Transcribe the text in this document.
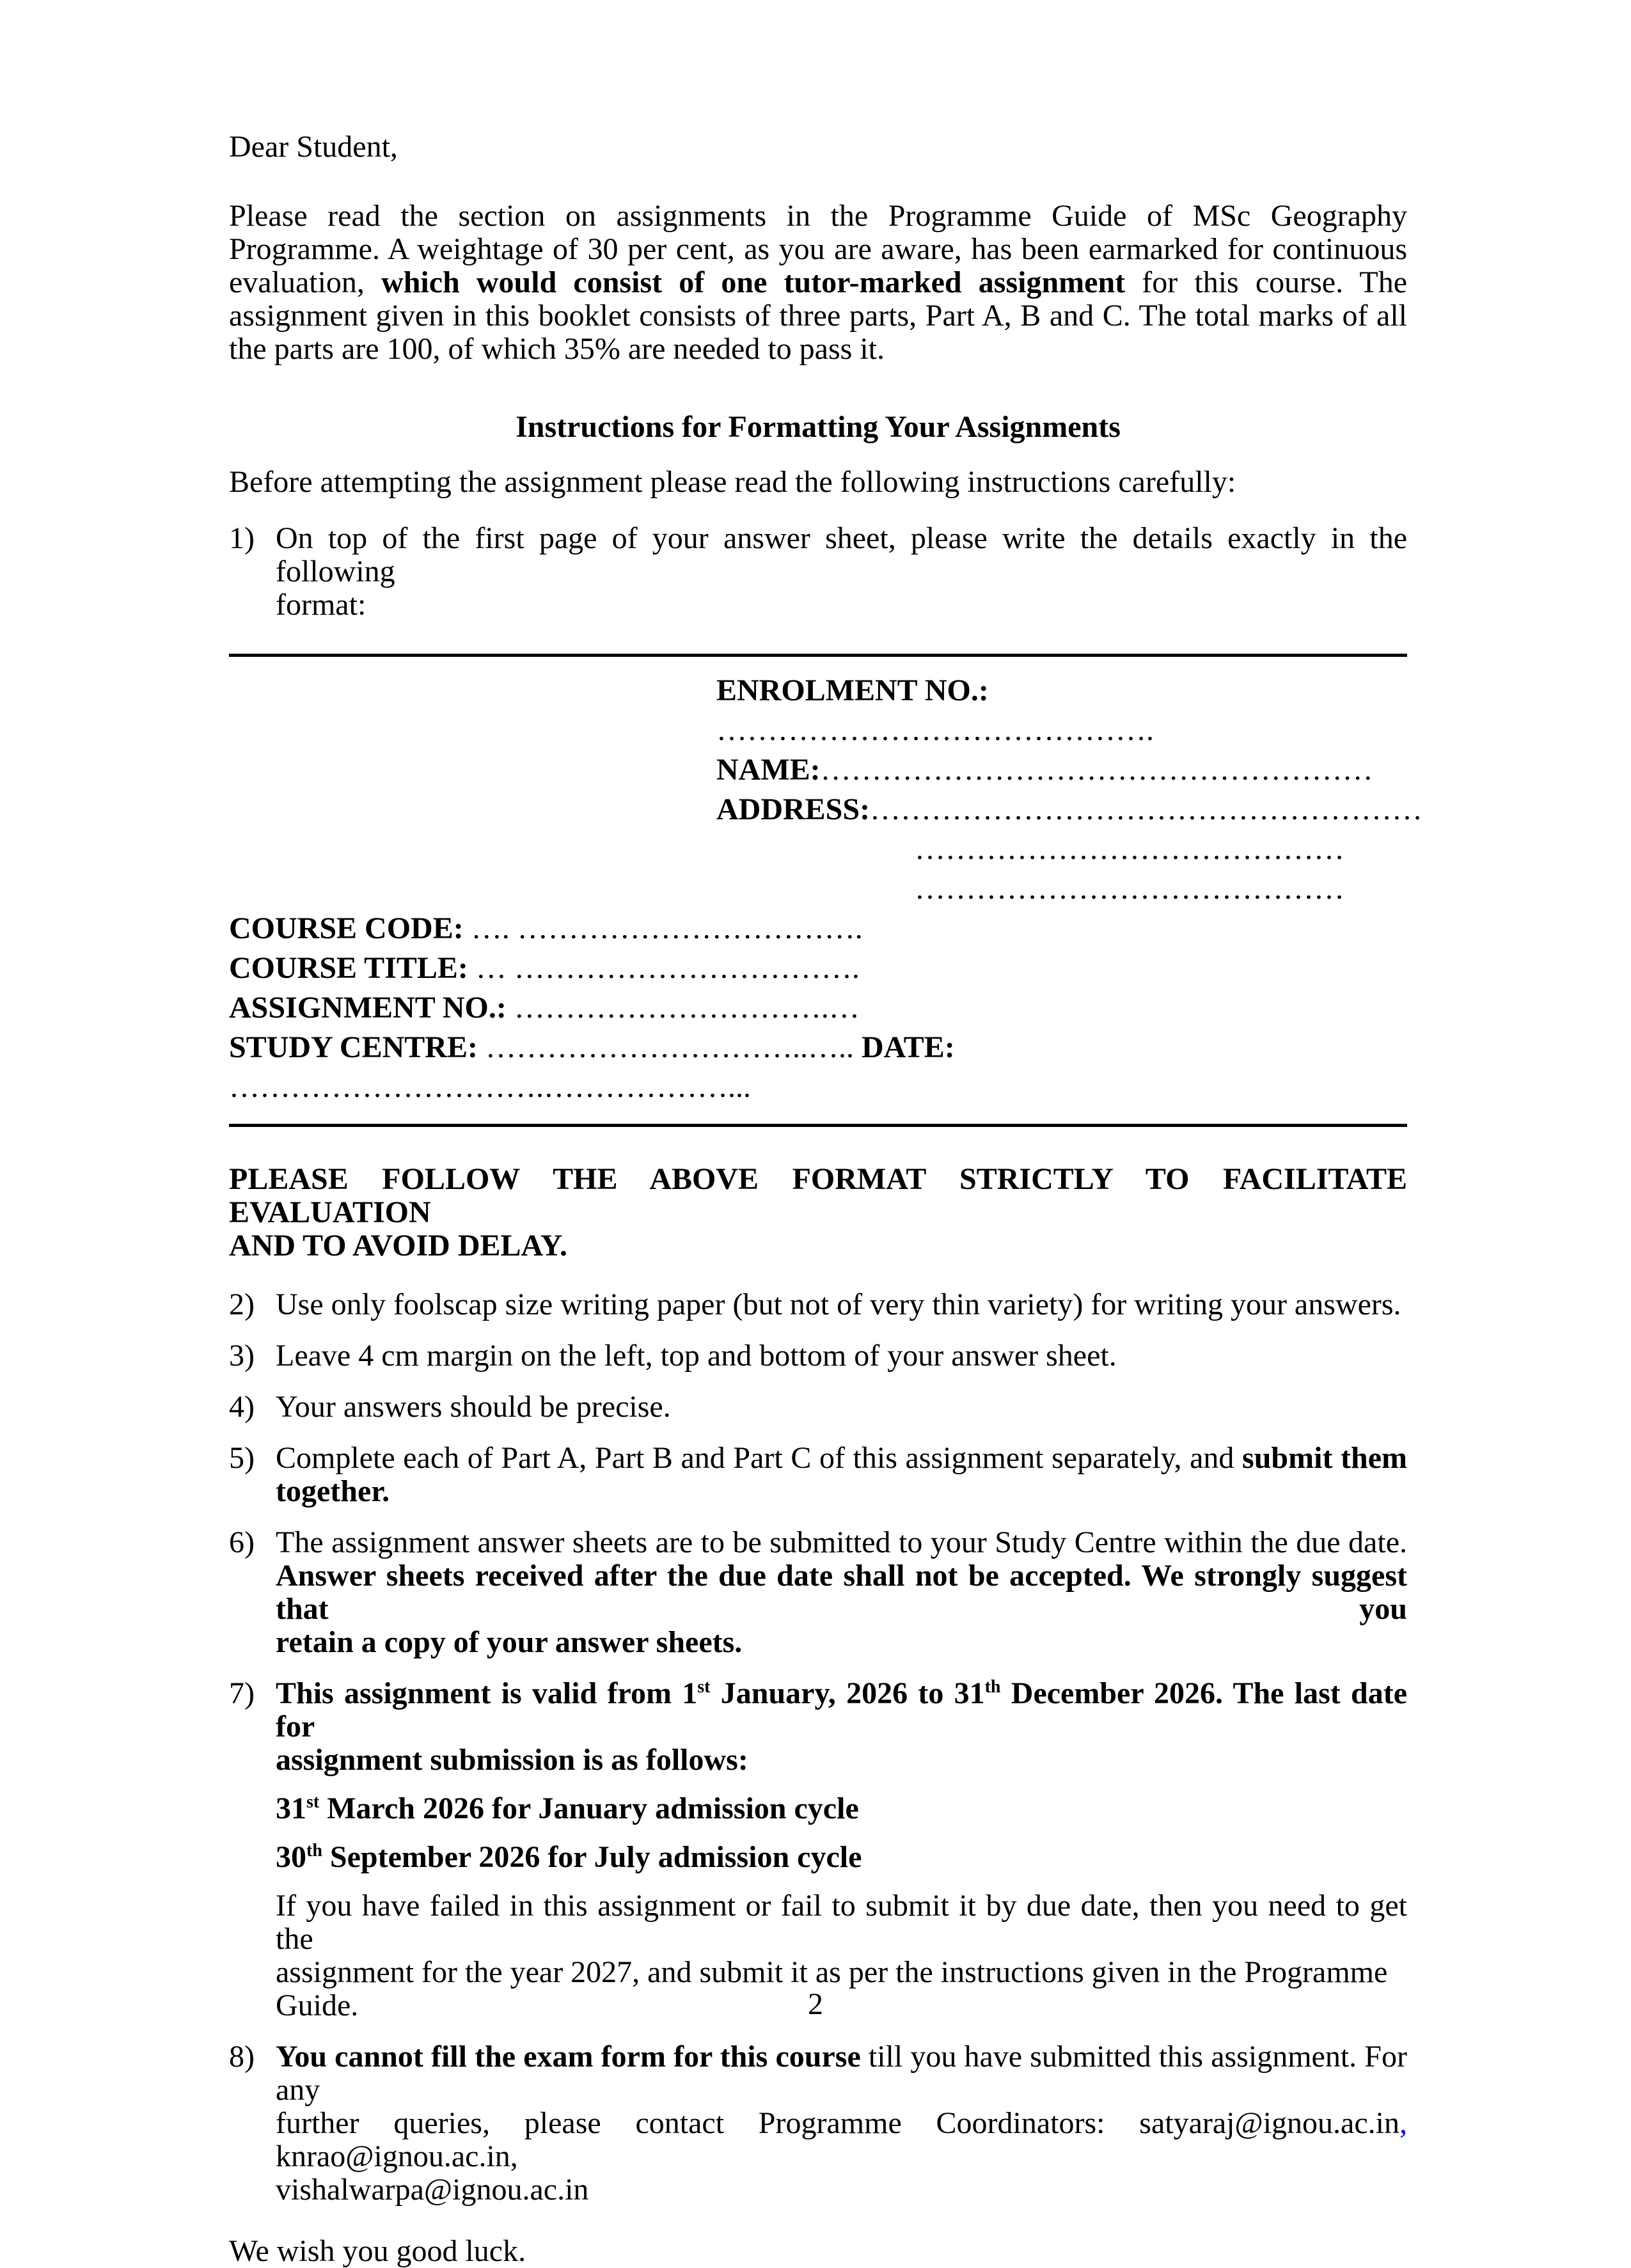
Dear Student,
Please read the section on assignments in the Programme Guide of MSc Geography
Programme. A weightage of 30 per cent, as you are aware, has been earmarked for continuous
evaluation, which would consist of one tutor-marked assignment for this course. The
assignment given in this booklet consists of three parts, Part A, B and C. The total marks of all
the parts are 100, of which 35% are needed to pass it.
Instructions for Formatting Your Assignments
Before attempting the assignment please read the following instructions carefully:
1) On top of the first page of your answer sheet, please write the details exactly in the following
format:
ENROLMENT NO.: …………………………………….
NAME:………………………………………………
ADDRESS:………………………………………………
……………………………………
……………………………………
COURSE CODE: …. …………………………….
COURSE TITLE: … …………………………….
ASSIGNMENT NO.: ………………………….…
STUDY CENTRE: …………………………..….. DATE: ………………………….………………...
PLEASE FOLLOW THE ABOVE FORMAT STRICTLY TO FACILITATE EVALUATION
AND TO AVOID DELAY.
2) Use only foolscap size writing paper (but not of very thin variety) for writing your answers.
3) Leave 4 cm margin on the left, top and bottom of your answer sheet.
4) Your answers should be precise.
5) Complete each of Part A, Part B and Part C of this assignment separately, and submit them
together.
6) The assignment answer sheets are to be submitted to your Study Centre within the due date.
Answer sheets received after the due date shall not be accepted. We strongly suggest that you
retain a copy of your answer sheets.
7) This assignment is valid from 1st January, 2026 to 31th December 2026. The last date for
assignment submission is as follows:
31st March 2026 for January admission cycle
30th September 2026 for July admission cycle
If you have failed in this assignment or fail to submit it by due date, then you need to get the
assignment for the year 2027, and submit it as per the instructions given in the Programme Guide.
8) You cannot fill the exam form for this course till you have submitted this assignment. For any
further queries, please contact Programme Coordinators: satyaraj@ignou.ac.in, knrao@ignou.ac.in,
vishalwarpa@ignou.ac.in
We wish you good luck.
2
